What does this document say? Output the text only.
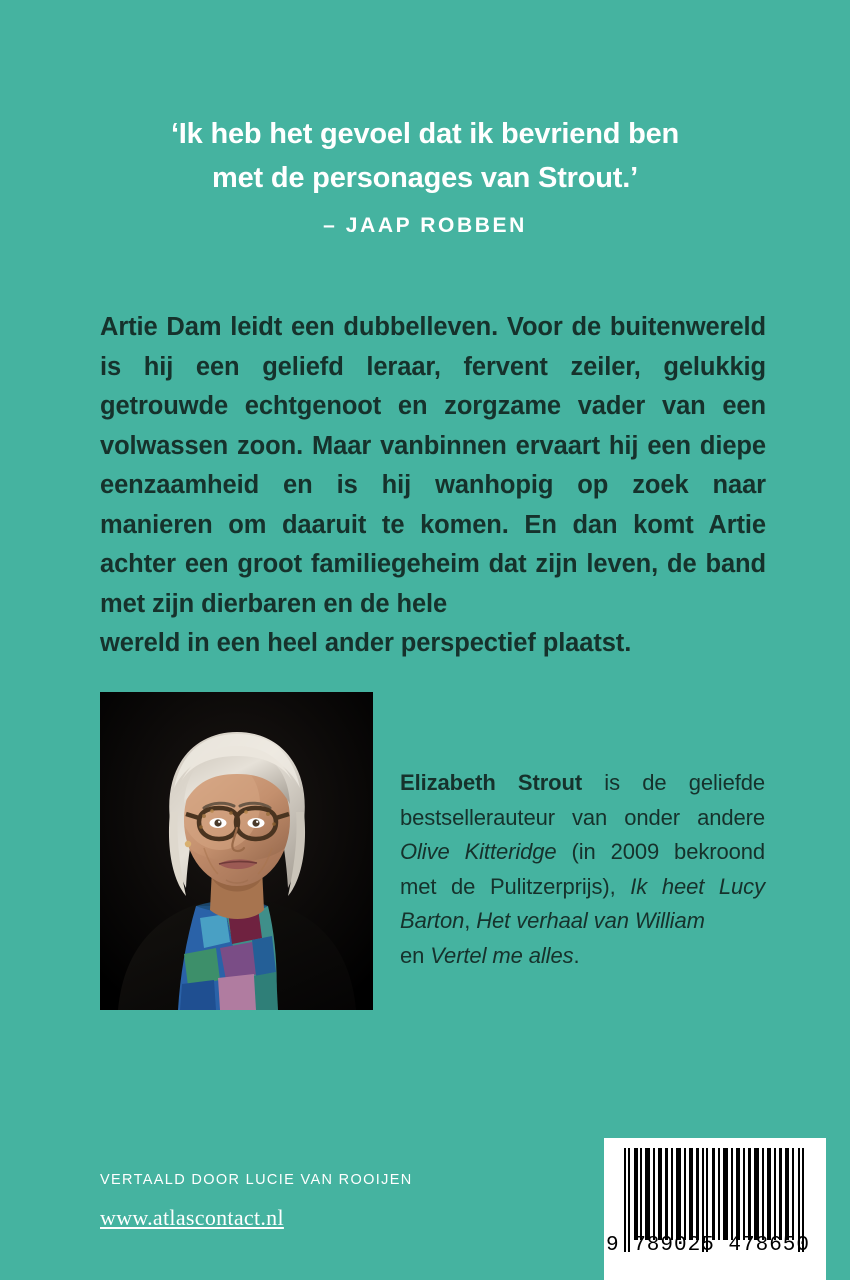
‘Ik heb het gevoel dat ik bevriend ben
met de personages van Strout.’
– JAAP ROBBEN
Artie Dam leidt een dubbelleven. Voor de buitenwereld is hij een geliefd leraar, fervent zeiler, gelukkig getrouwde echtgenoot en zorgzame vader van een volwassen zoon. Maar vanbinnen ervaart hij een diepe eenzaamheid en is hij wanhopig op zoek naar manieren om daaruit te komen. En dan komt Artie achter een groot familiegeheim dat zijn leven, de band met zijn dierbaren en de hele
wereld in een heel ander perspectief plaatst.
Elizabeth Strout is de geliefde bestsellerauteur van onder andere Olive Kitteridge (in 2009 bekroond met de Pulitzerprijs), Ik heet Lucy Barton, Het verhaal van William
en Vertel me alles.
VERTAALD DOOR LUCIE VAN ROOIJEN
www.atlascontact.nl
9 789025 478650
